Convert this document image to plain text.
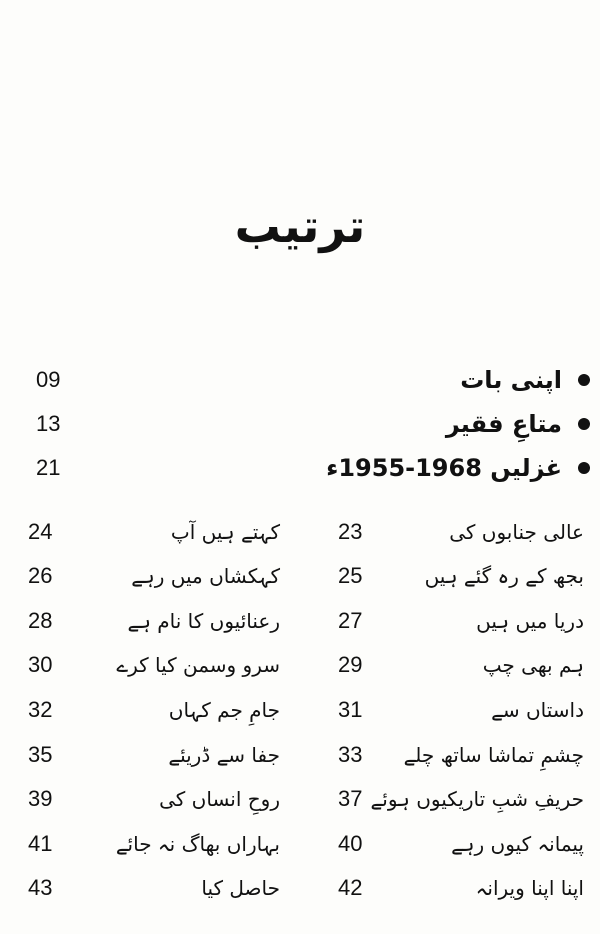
ترتیب
اپنی بات
09
متاعِ فقیر
13
غزلیں 1968-1955ء
21
عالی جنابوں کی
23
کہتے ہیں آپ
24
بجھ کے رہ گئے ہیں
25
کہکشاں میں رہے
26
دریا میں ہیں
27
رعنائیوں کا نام ہے
28
ہم بھی چپ
29
سرو وسمن کیا کرے
30
داستاں سے
31
جامِ جم کہاں
32
چشمِ تماشا ساتھ چلے
33
جفا سے ڈریئے
35
حریفِ شبِ تاریکیوں ہوئے
37
روحِ انساں کی
39
پیمانہ کیوں رہے
40
بہاراں بھاگ نہ جائے
41
اپنا اپنا ویرانہ
42
حاصل کیا
43
